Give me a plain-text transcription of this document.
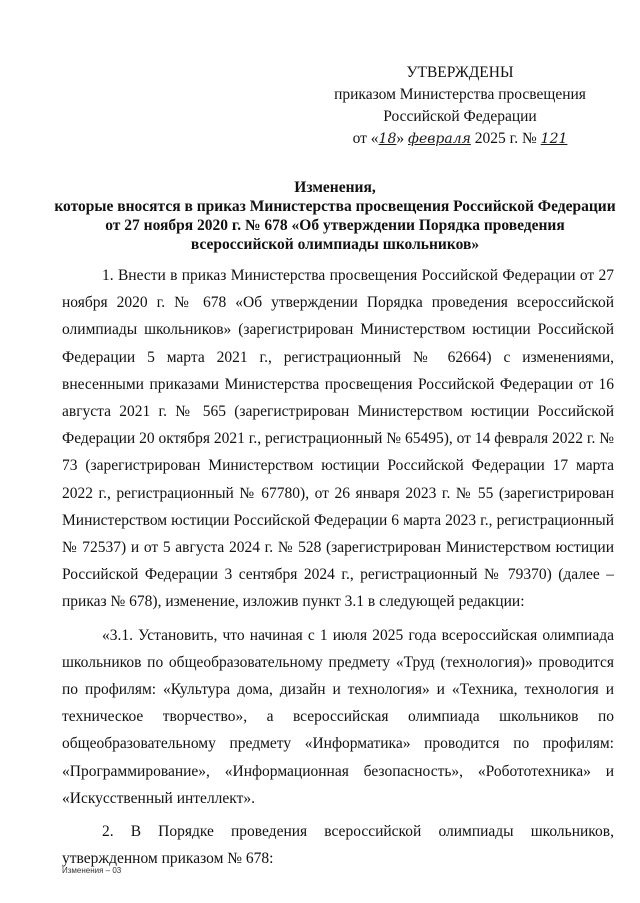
УТВЕРЖДЕНЫ
приказом Министерства просвещения
Российской Федерации
от «18» февраля 2025 г. № 121
Изменения,
которые вносятся в приказ Министерства просвещения Российской Федерации
от 27 ноября 2020 г. № 678 «Об утверждении Порядка проведения
всероссийской олимпиады школьников»

1. Внести в приказ Министерства просвещения Российской Федерации от 27 ноября 2020 г. № 678 «Об утверждении Порядка проведения всероссийской олимпиады школьников» (зарегистрирован Министерством юстиции Российской Федерации 5 марта 2021 г., регистрационный № 62664) с изменениями, внесенными приказами Министерства просвещения Российской Федерации от 16 августа 2021 г. № 565 (зарегистрирован Министерством юстиции Российской Федерации 20 октября 2021 г., регистрационный № 65495), от 14 февраля 2022 г. № 73 (зарегистрирован Министерством юстиции Российской Федерации 17 марта 2022 г., регистрационный № 67780), от 26 января 2023 г. № 55 (зарегистрирован Министерством юстиции Российской Федерации 6 марта 2023 г., регистрационный № 72537) и от 5 августа 2024 г. № 528 (зарегистрирован Министерством юстиции Российской Федерации 3 сентября 2024 г., регистрационный № 79370) (далее – приказ № 678), изменение, изложив пункт 3.1 в следующей редакции:

«3.1. Установить, что начиная с 1 июля 2025 года всероссийская олимпиада школьников по общеобразовательному предмету «Труд (технология)» проводится по профилям: «Культура дома, дизайн и технология» и «Техника, технология и техническое творчество», а всероссийская олимпиада школьников по общеобразовательному предмету «Информатика» проводится по профилям: «Программирование», «Информационная безопасность», «Робототехника» и «Искусственный интеллект».

2. В Порядке проведения всероссийской олимпиады школьников, утвержденном приказом № 678:

Изменения – 03
